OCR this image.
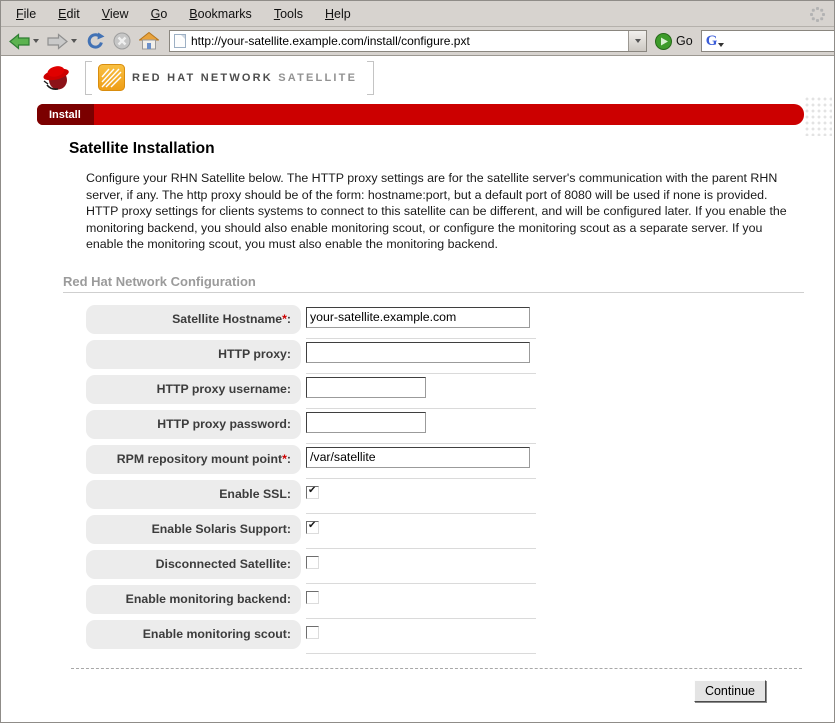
File	Edit	View	Go	Bookmarks	Tools	Help
http://your-satellite.example.com/install/configure.pxt	Go G
RED HAT NETWORK SATELLITE
Install
Satellite Installation

Configure your RHN Satellite below. The HTTP proxy settings are for the satellite server's communication with the parent RHN server, if any. The http proxy should be of the form: hostname:port, but a default port of 8080 will be used if none is provided. HTTP proxy settings for clients systems to connect to this satellite can be different, and will be configured later. If you enable the monitoring backend, you should also enable monitoring scout, or configure the monitoring scout as a separate server. If you enable the monitoring scout, you must also enable the monitoring backend.

Red Hat Network Configuration
Satellite Hostname * :
your-satellite.example.com
HTTP proxy:
HTTP proxy username:
HTTP proxy password:
RPM repository mount point * :
/var/satellite
Enable SSL:
✔
Enable Solaris Support:
✔
Disconnected Satellite:
Enable monitoring backend:
Enable monitoring scout:
Continue
